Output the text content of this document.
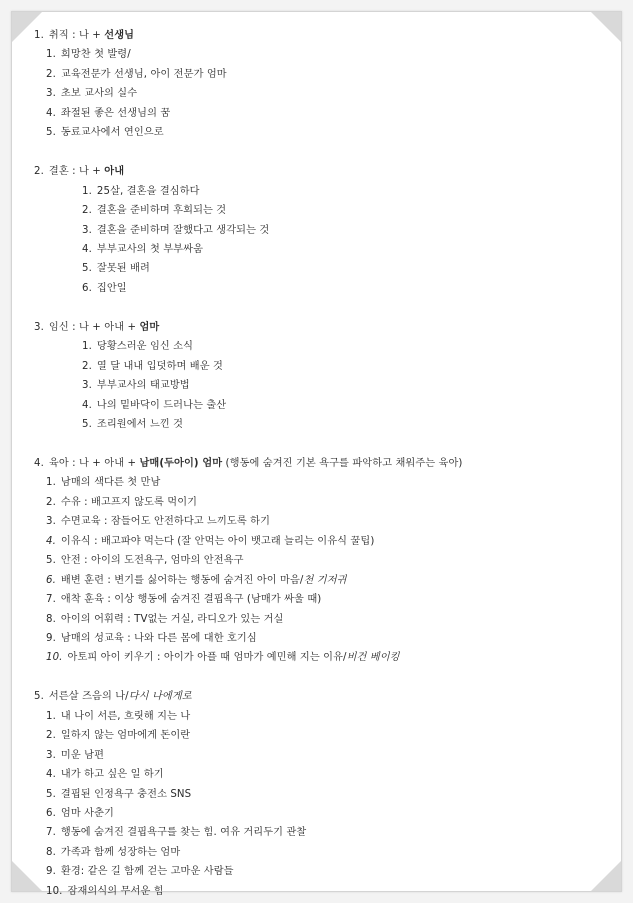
1. 취직 : 나 + 선생님
1. 희망찬 첫 발령/
2. 교육전문가 선생님, 아이 전문가 엄마
3. 초보 교사의 실수
4. 좌절된 좋은 선생님의 꿈
5. 동료교사에서 연인으로
2. 결혼 : 나 + 아내
1. 25살, 결혼을 결심하다
2. 결혼을 준비하며 후회되는 것
3. 결혼을 준비하며 잘했다고 생각되는 것
4. 부부교사의 첫 부부싸움
5. 잘못된 배려
6. 집안일
3. 임신 : 나 + 아내 + 엄마
1. 당황스러운 임신 소식
2. 열 달 내내 입덧하며 배운 것
3. 부부교사의 태교방법
4. 나의 밑바닥이 드러나는 출산
5. 조리원에서 느낀 것
4. 육아 : 나 + 아내 + 남매(두아이) 엄마 (행동에 숨겨진 기본 욕구를 파악하고 채워주는 육아)
1. 남매의 색다른 첫 만남
2. 수유 : 배고프지 않도록 먹이기
3. 수면교육 : 잠들어도 안전하다고 느끼도록 하기
4. 이유식 : 배고파야 먹는다 (잘 안먹는 아이 뱃고래 늘리는 이유식 꿀팁)
5. 안전 : 아이의 도전욕구, 엄마의 안전욕구
6. 배변 훈련 : 변기를 싫어하는 행동에 숨겨진 아이 마음/천 기저귀
7. 애착 훈육 : 이상 행동에 숨겨진 결핍욕구 (남매가 싸울 때)
8. 아이의 어휘력 : TV없는 거실, 라디오가 있는 거실
9. 남매의 성교육 : 나와 다른 몸에 대한 호기심
10. 아토피 아이 키우기 : 아이가 아플 때 엄마가 예민해 지는 이유/비건 베이킹
5. 서른살 즈음의 나/다시 나에게로
1. 내 나이 서른, 흐릿해 지는 나
2. 일하지 않는 엄마에게 돈이란
3. 미운 남편
4. 내가 하고 싶은 일 하기
5. 결핍된 인정욕구 충전소 SNS
6. 엄마 사춘기
7. 행동에 숨겨진 결핍욕구를 찾는 힘. 여유 거리두기 관찰
8. 가족과 함께 성장하는 엄마
9. 환경: 같은 길 함께 걷는 고마운 사람들
10. 잠재의식의 무서운 힘
